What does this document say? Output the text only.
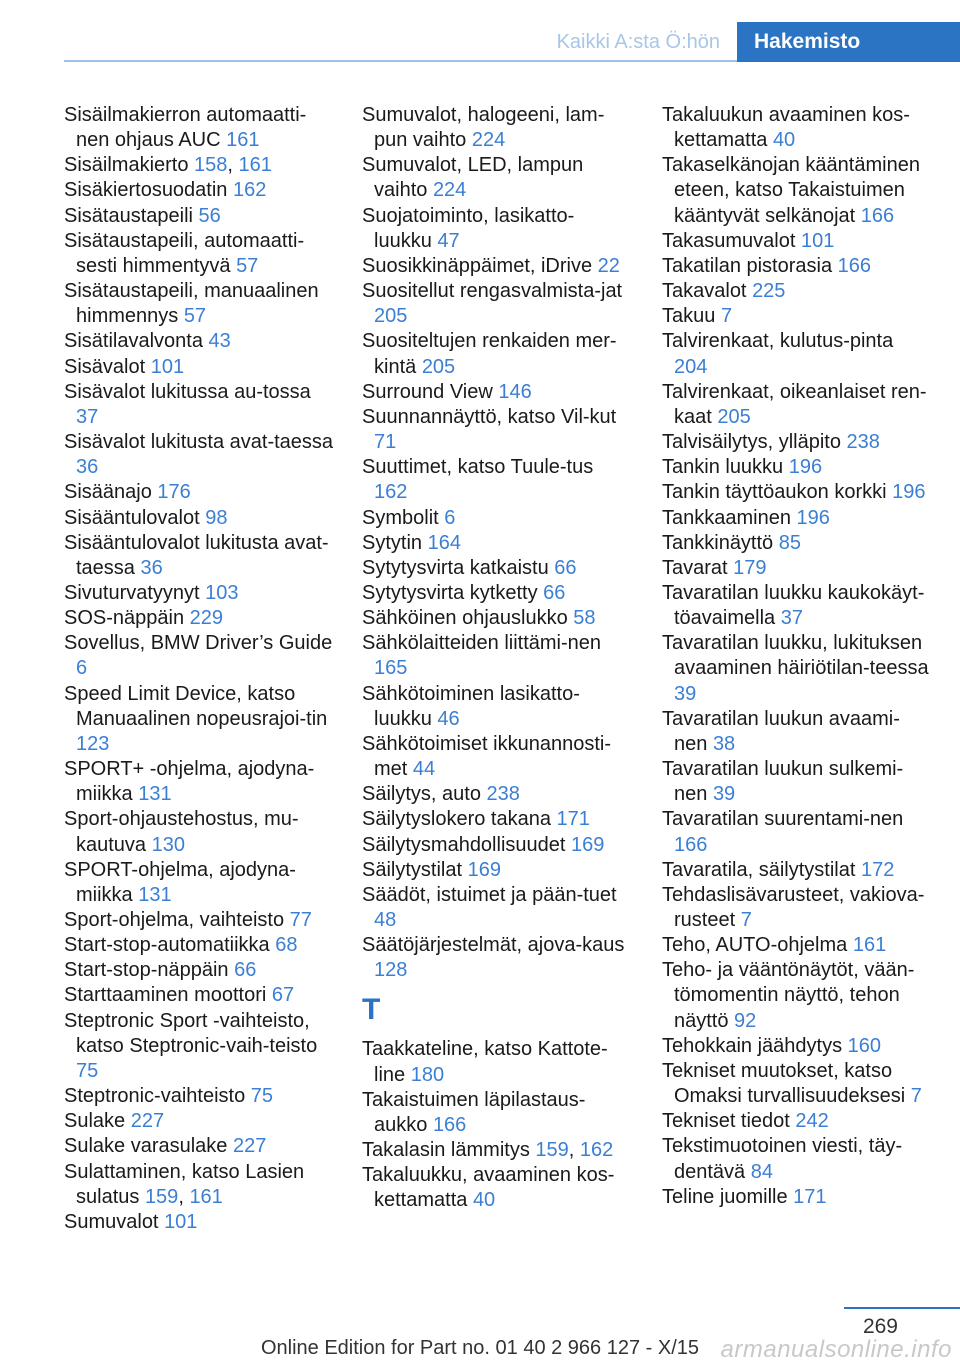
Kaikki A:sta Ö:hön	Hakemisto
Sisäilmakierron automaatti‐nen ohjaus AUC 161
Sisäilmakierto 158, 161
Sisäkiertosuodatin 162
Sisätaustapeili 56
Sisätaustapeili, automaatti‐sesti himmentyvä 57
Sisätaustapeili, manuaalinen himmennys 57
Sisätilavalvonta 43
Sisävalot 101
Sisävalot lukitussa au‐tossa 37
Sisävalot lukitusta avat‐taessa 36
Sisäänajo 176
Sisääntulovalot 98
Sisääntulovalot lukitusta avat‐taessa 36
Sivuturvatyynyt 103
SOS-näppäin 229
Sovellus, BMW Driver’s Guide 6
Speed Limit Device, katso Manuaalinen nopeusrajoi‐tin 123
SPORT+ -ohjelma, ajodyna‐miikka 131
Sport-ohjaustehostus, mu‐kautuva 130
SPORT-ohjelma, ajodyna‐miikka 131
Sport-ohjelma, vaihteisto 77
Start-stop-automatiikka 68
Start-stop-näppäin 66
Starttaaminen moottori 67
Steptronic Sport -vaihteisto, katso Steptronic-vaih‐teisto 75
Steptronic-vaihteisto 75
Sulake 227
Sulake varasulake 227
Sulattaminen, katso Lasien sulatus 159, 161
Sumuvalot 101
Sumuvalot, halogeeni, lam‐pun vaihto 224
Sumuvalot, LED, lampun vaihto 224
Suojatoiminto, lasikatto-luukku 47
Suosikkinäppäimet, iDrive 22
Suositellut rengasvalmista‐jat 205
Suositeltujen renkaiden mer‐kintä 205
Surround View 146
Suunnannäyttö, katso Vil‐kut 71
Suuttimet, katso Tuule‐tus 162
Symbolit 6
Sytytin 164
Sytytysvirta katkaistu 66
Sytytysvirta kytketty 66
Sähköinen ohjauslukko 58
Sähkölaitteiden liittämi‐nen 165
Sähkötoiminen lasikatto-luukku 46
Sähkötoimiset ikkunannosti‐met 44
Säilytys, auto 238
Säilytyslokero takana 171
Säilytysmahdollisuudet 169
Säilytystilat 169
Säädöt, istuimet ja pään‐tuet 48
Säätöjärjestelmät, ajova‐kaus 128
T
Taakkateline, katso Kattote‐line 180
Takaistuimen läpilastaus‐aukko 166
Takalasin lämmitys 159, 162
Takaluukku, avaaminen kos‐kettamatta 40
Takaluukun avaaminen kos‐kettamatta 40
Takaselkänojan kääntäminen eteen, katso Takaistuimen kääntyvät selkänojat 166
Takasumuvalot 101
Takatilan pistorasia 166
Takavalot 225
Takuu 7
Talvirenkaat, kulutus‐pinta 204
Talvirenkaat, oikeanlaiset ren‐kaat 205
Talvisäilytys, ylläpito 238
Tankin luukku 196
Tankin täyttöaukon korkki 196
Tankkaaminen 196
Tankkinäyttö 85
Tavarat 179
Tavaratilan luukku kaukokäyt‐töavaimella 37
Tavaratilan luukku, lukituksen avaaminen häiriötilan‐teessa 39
Tavaratilan luukun avaami‐nen 38
Tavaratilan luukun sulkemi‐nen 39
Tavaratilan suurentami‐nen 166
Tavaratila, säilytystilat 172
Tehdaslisävarusteet, vakiova‐rusteet 7
Teho, AUTO-ohjelma 161
Teho- ja vääntönäytöt, vään‐tömomentin näyttö, tehon näyttö 92
Tehokkain jäähdytys 160
Tekniset muutokset, katso Omaksi turvallisuudeksesi 7
Tekniset tiedot 242
Tekstimuotoinen viesti, täy‐dentävä 84
Teline juomille 171
269
Online Edition for Part no. 01 40 2 966 127 - X/15 armanualsonline.info
